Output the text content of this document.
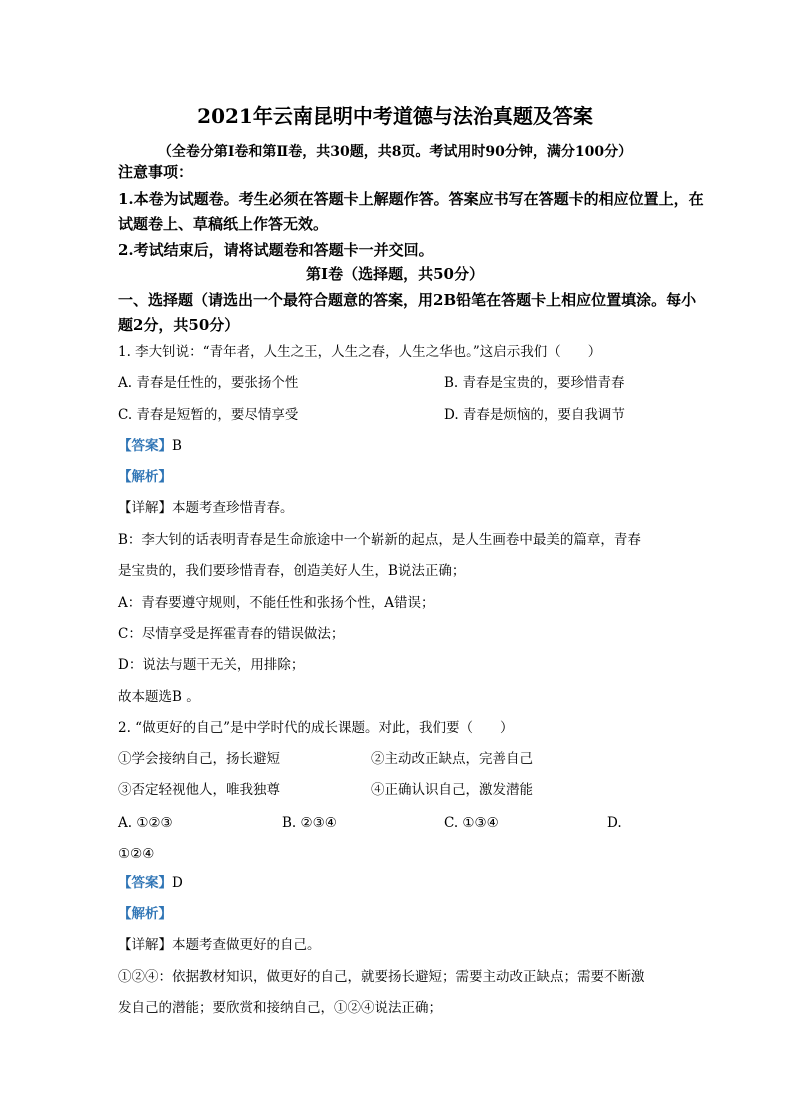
2021年云南昆明中考道德与法治真题及答案
（全卷分第Ⅰ卷和第Ⅱ卷，共30题，共8页。考试用时90分钟，满分100分）
注意事项：
1.本卷为试题卷。考生必须在答题卡上解题作答。答案应书写在答题卡的相应位置上，在
试题卷上、草稿纸上作答无效。
2.考试结束后，请将试题卷和答题卡一并交回。
第Ⅰ卷（选择题，共50分）
一、选择题（请选出一个最符合题意的答案，用2B铅笔在答题卡上相应位置填涂。每小
题2分，共50分）
1. 李大钊说：“青年者，人生之王，人生之春，人生之华也。”这启示我们（　　）
A. 青春是任性的，要张扬个性	B. 青春是宝贵的，要珍惜青春
C. 青春是短暂的，要尽情享受	D. 青春是烦恼的，要自我调节
【答案】B
【解析】
【详解】本题考查珍惜青春。
B：李大钊的话表明青春是生命旅途中一个崭新的起点，是人生画卷中最美的篇章，青春
是宝贵的，我们要珍惜青春，创造美好人生，B说法正确；
A：青春要遵守规则，不能任性和张扬个性，A错误；
C：尽情享受是挥霍青春的错误做法；
D：说法与题干无关，用排除；
故本题选B 。
2. “做更好的自己”是中学时代的成长课题。对此，我们要（　　）
①学会接纳自己，扬长避短	②主动改正缺点，完善自己
③否定轻视他人，唯我独尊	④正确认识自己，激发潜能
A. ①②③	B. ②③④	C. ①③④	D.
①②④
【答案】D
【解析】
【详解】本题考查做更好的自己。
①②④：依据教材知识，做更好的自己，就要扬长避短；需要主动改正缺点；需要不断激
发自己的潜能；要欣赏和接纳自己，①②④说法正确；
